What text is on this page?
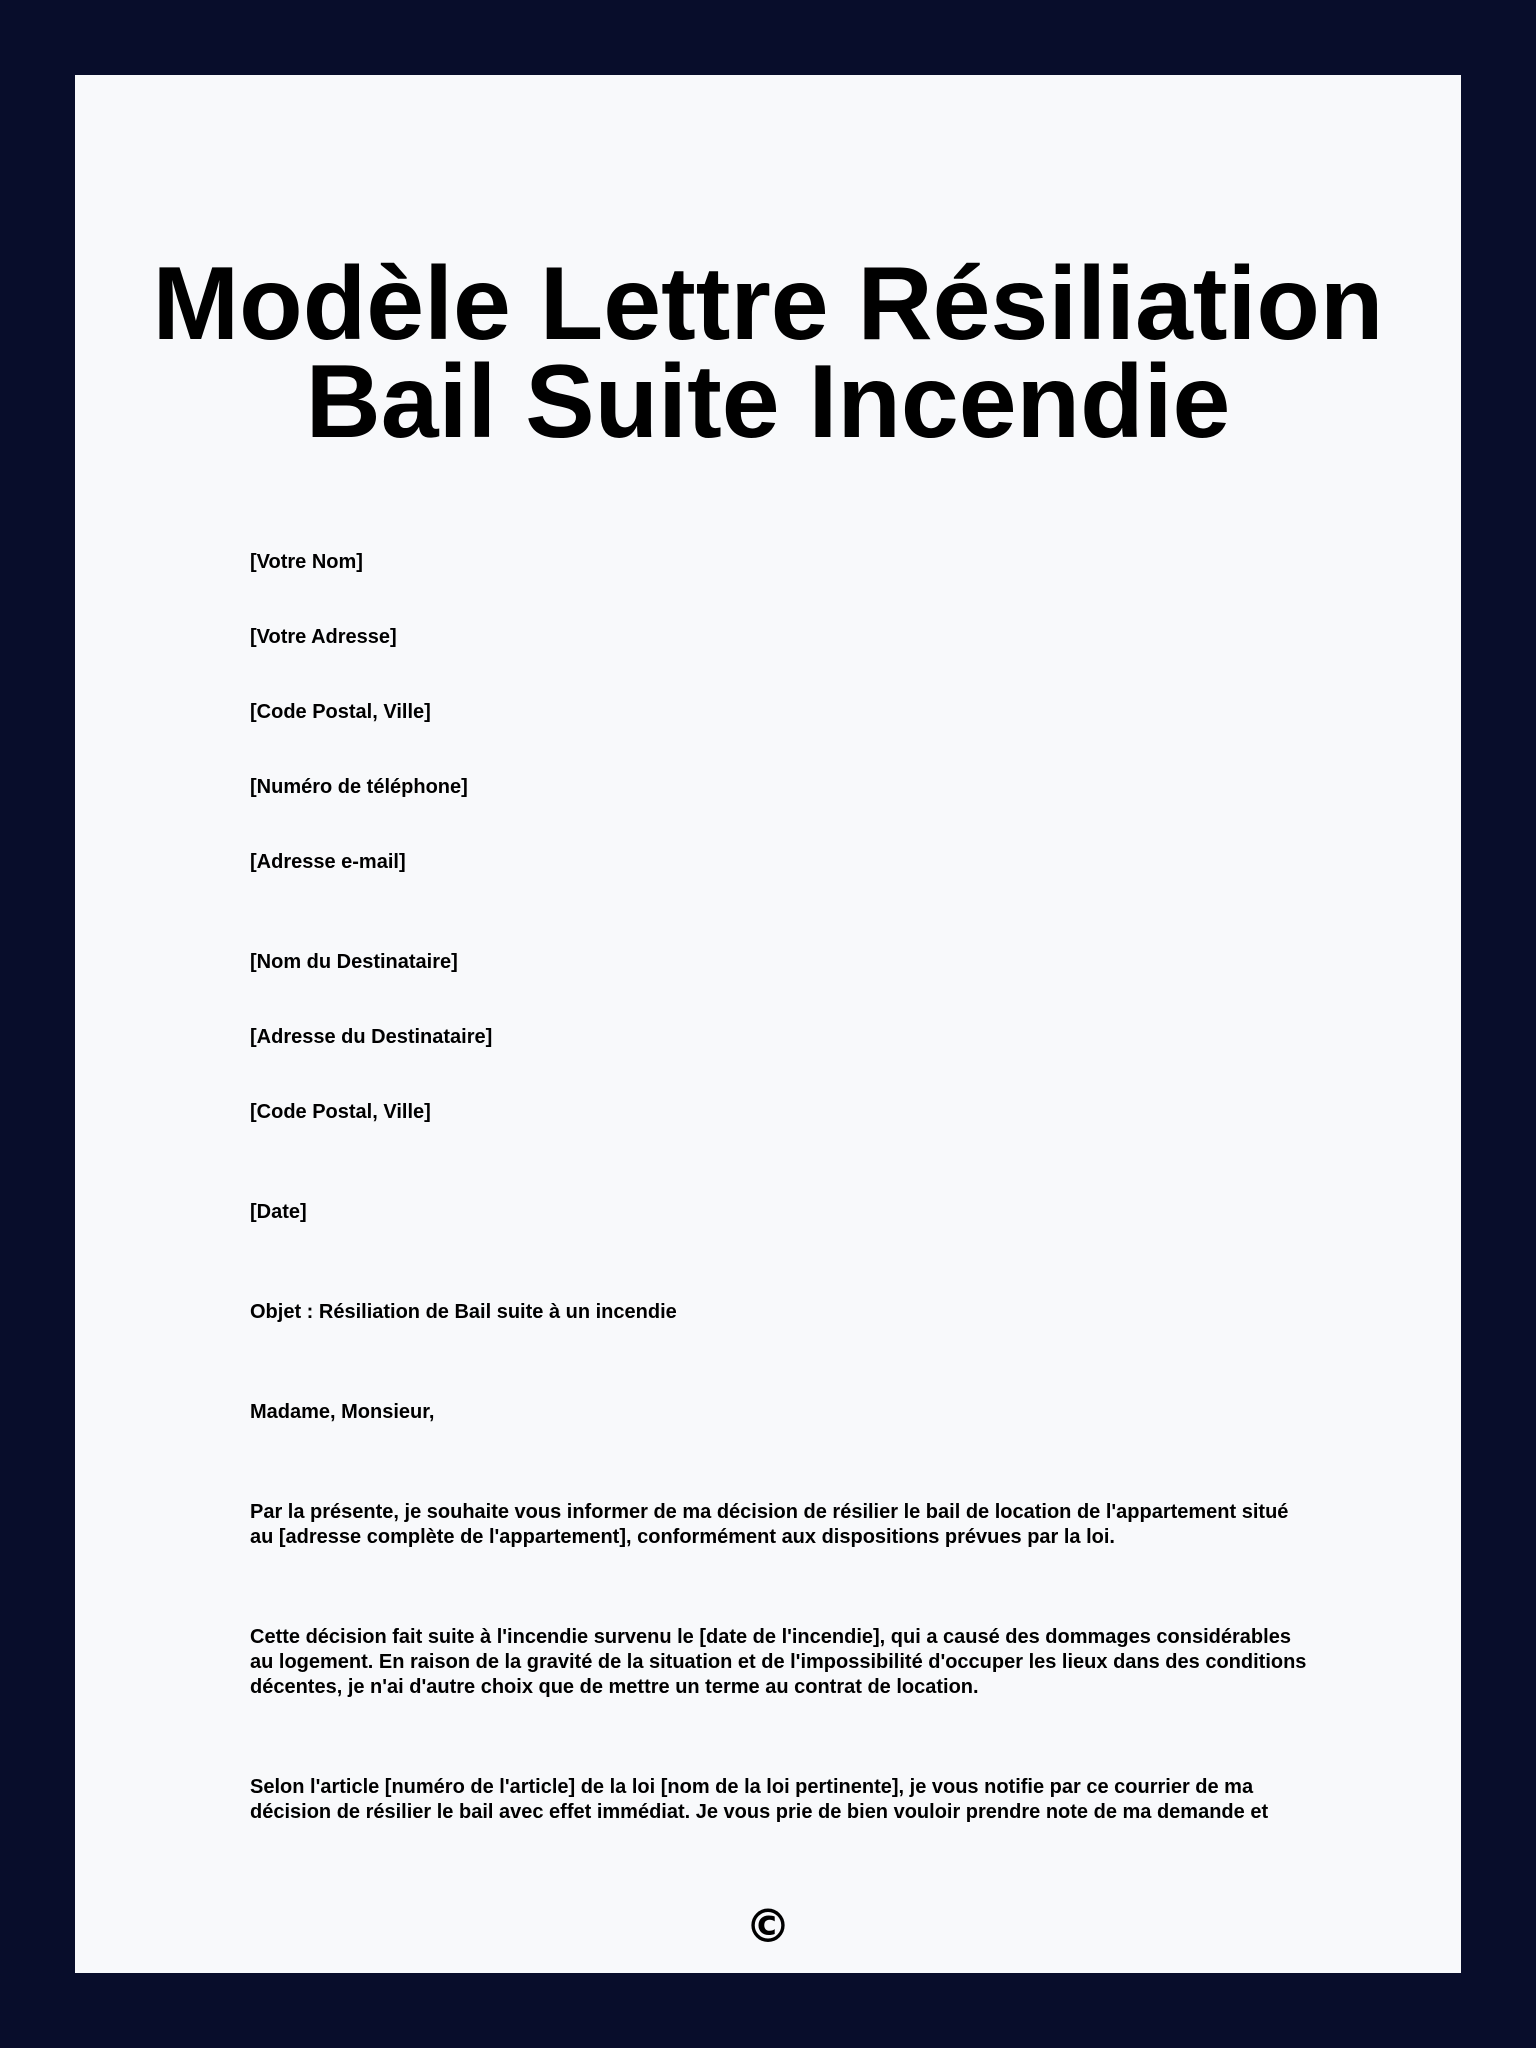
Modèle Lettre Résiliation Bail Suite Incendie

[Votre Nom]

[Votre Adresse]

[Code Postal, Ville]

[Numéro de téléphone]

[Adresse e-mail]

[Nom du Destinataire]

[Adresse du Destinataire]

[Code Postal, Ville]

[Date]

Objet : Résiliation de Bail suite à un incendie

Madame, Monsieur,

Par la présente, je souhaite vous informer de ma décision de résilier le bail de location de l'appartement situé au [adresse complète de l'appartement], conformément aux dispositions prévues par la loi.

Cette décision fait suite à l'incendie survenu le [date de l'incendie], qui a causé des dommages considérables au logement. En raison de la gravité de la situation et de l'impossibilité d'occuper les lieux dans des conditions décentes, je n'ai d'autre choix que de mettre un terme au contrat de location.

Selon l'article [numéro de l'article] de la loi [nom de la loi pertinente], je vous notifie par ce courrier de ma décision de résilier le bail avec effet immédiat. Je vous prie de bien vouloir prendre note de ma demande et

©
